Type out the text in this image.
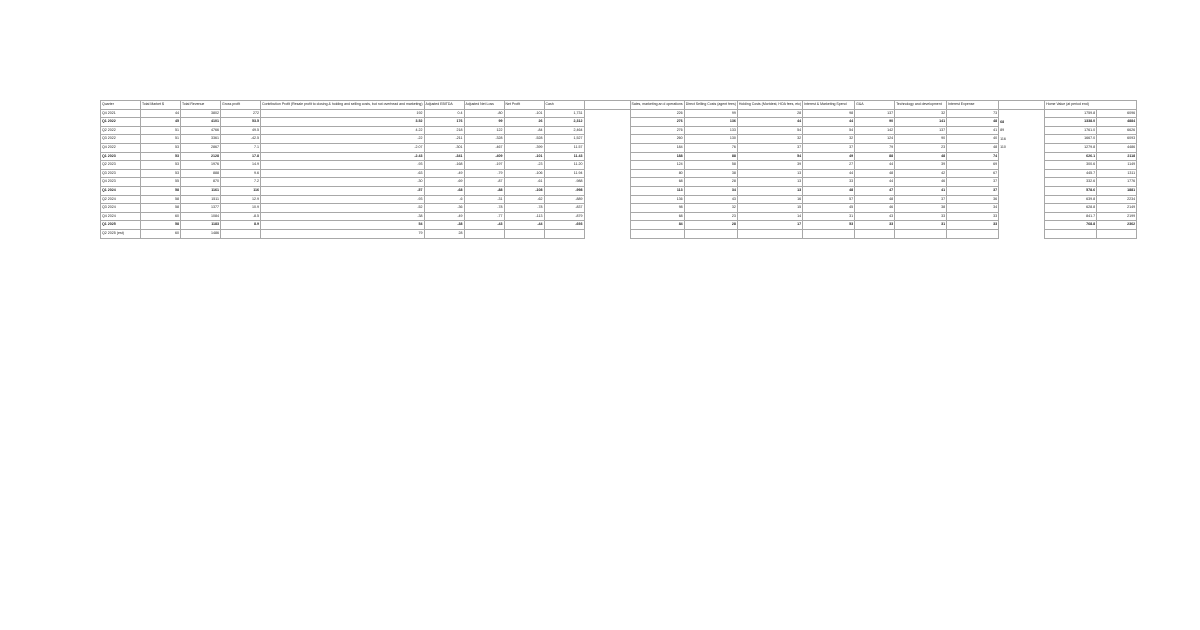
Quarter	Total Market $	Total Revenue	Gross profit	Contribution Profit (Resale profit to closing & holding and selling costs, but not overhead and marketing)	Adjusted EBITDA	Adjusted Net Loss	Net Profit	Cash		Sales, marketing an d operations	Direct Selling Costs (agent fees)	Holding Costs (Mortdest, HOA fees, etc)	Interest & Marketing Spend	G&A	Technology and development	Interest Expense		Home Value (at period end)	
Q4 2021	44	3802	272	192	0.4	-80	-101	1,731		226	99	28	98	137	32	73		1759.8	6096
Q1 2022	45	4101	53.5	3.52	176	99	26	2,312		276	136	44	44	90	141	48	68	1338.0	4884
Q2 2022	51	4766	49.5	4.22	218	122	-84	2,464		276	133	54	54	142	137	41	89	1761.0	6626
Q3 2022	51	3361	-42.5	-22	-211	-328	-528	1,527		260	130	32	32	124	90	40	116	1667.0	6093
Q4 2022	53	2867	7.1	-2.07	-301	-467	-399	11.57		184	76	37	37	79	23	48	110	1279.8	4486
Q1 2023	53	2128	17.8	-2.43	-341	-409	-101	11.43		188	88	54	49	88	48	74		626.1	2118
Q2 2023	53	1976	14.9	-93	-168	-197	-23	11.20		124	58	39	27	44	39	69		300.6	1149
Q3 2023	53	888	9.6	-63	-49	-79	-106	11.94		80	38	13	44	48	42	67		445.7	1311
Q4 2023	55	870	7.2	-30	-69	-87	-61	-988		68	28	13	33	44	46	37		332.6	1776
Q1 2024	58	1161	116	-57	-68	-88	-108	-998		113	34	13	48	47	41	37		578.6	1881
Q2 2024	58	1511	12.9	-93	-6	-31	-62	-889		136	43	16	57	48	37	36		639.8	2234
Q3 2024	58	1377	10.9	-52	-36	-78	-78	-837		98	32	15	45	46	38	34		628.8	2149
Q4 2024	60	1084	-8.5	-38	-49	-77	-113	-879		68	23	14	31	43	33	33		841.7	2199
Q1 2025	58	1183	8.9	54	-38	-43	-44	-693		84	28	17	53	33	31	33		768.8	2362
Q2 2025 (est)	60	1486		79	28														
